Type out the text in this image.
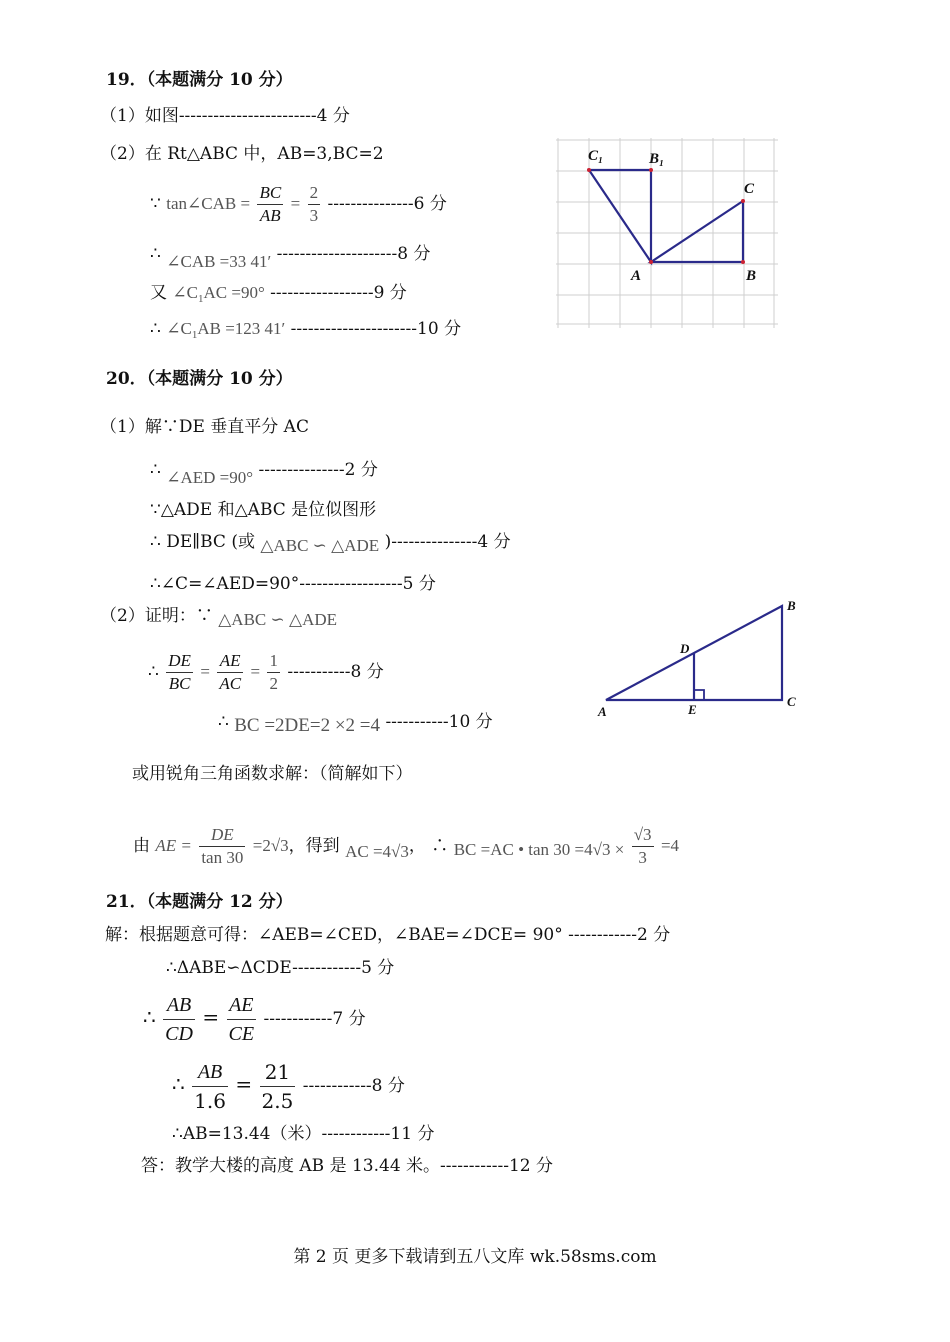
19．（本题满分 10 分）
（1）如图------------------------4 分
（2）在 Rt△ABC 中，AB=3,BC=2
∵ tan∠CAB = $\frac{BC}{AB} = \frac{2}{3} ---------------6$ 分
∴ ∠CAB =33 41′ ---------------------8 分
又 $\angle C_1AC =90^\circ$ ------------------9 分
∴ $\angle C_1AB =123$ 41′ ----------------------10 分
C₁	B₁
C
A	B
20．（本题满分 10 分）
（1）解∵DE 垂直平分 AC
∴ ∠AED =90° ---------------2 分
∵△ADE 和△ABC 是位似图形
∴ DE∥BC (或 △ABC ∽ △ADE )---------------4 分
∴∠C=∠AED=90°------------------5 分
（2）证明：∵ △ABC ∽ △ADE
∴ $\frac{DE}{BC} = \frac{AE}{AC} = \frac{1}{2} -----------8$ 分
∴ BC =2DE=2 ×2 =4 -----------10 分
B
D
C
A	E
或用锐角三角函数求解：（简解如下）
由 AE = $\frac{DE}{\tan 30} =2√3$，得到 AC =4√3， ∴ BC =AC • $\tan 30 =4√3 \times \frac{√3}{3} =4$
21．（本题满分 12 分）
解：根据题意可得：∠AEB=∠CED，∠BAE=∠DCE= 90° ------------2 分
∴ΔABE∽ΔCDE------------5 分
∴ $\frac{AB}{CD} = \frac{AE}{CE} ------------7$ 分
∴ $\frac{AB}{1.6} = \frac{21}{2.5} ------------8$ 分
∴AB=13.44（米）------------11 分
答：教学大楼的高度 AB 是 13.44 米。------------12 分
第 2 页 更多下载请到五八文库 wk.58sms.com
